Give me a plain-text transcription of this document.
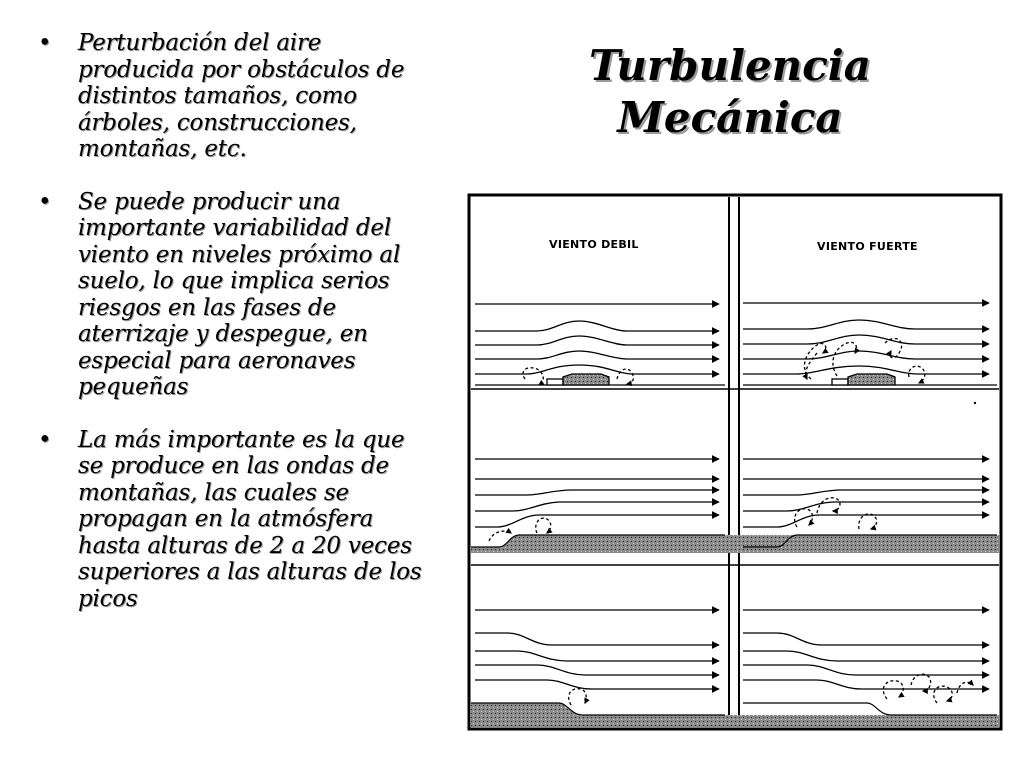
• Perturbación del aire producida por obstáculos de distintos tamaños, como árboles, construcciones, montañas, etc.
• Se puede producir una importante variabilidad del viento en niveles próximo al suelo, lo que implica serios riesgos en las fases de aterrizaje y despegue, en especial para aeronaves pequeñas
• La más importante es la que se produce en las ondas de montañas, las cuales se propagan en la atmósfera hasta alturas de 2 a 20 veces superiores a las alturas de los picos
Turbulencia
Mecánica
VIENTO DEBIL	VIENTO FUERTE
